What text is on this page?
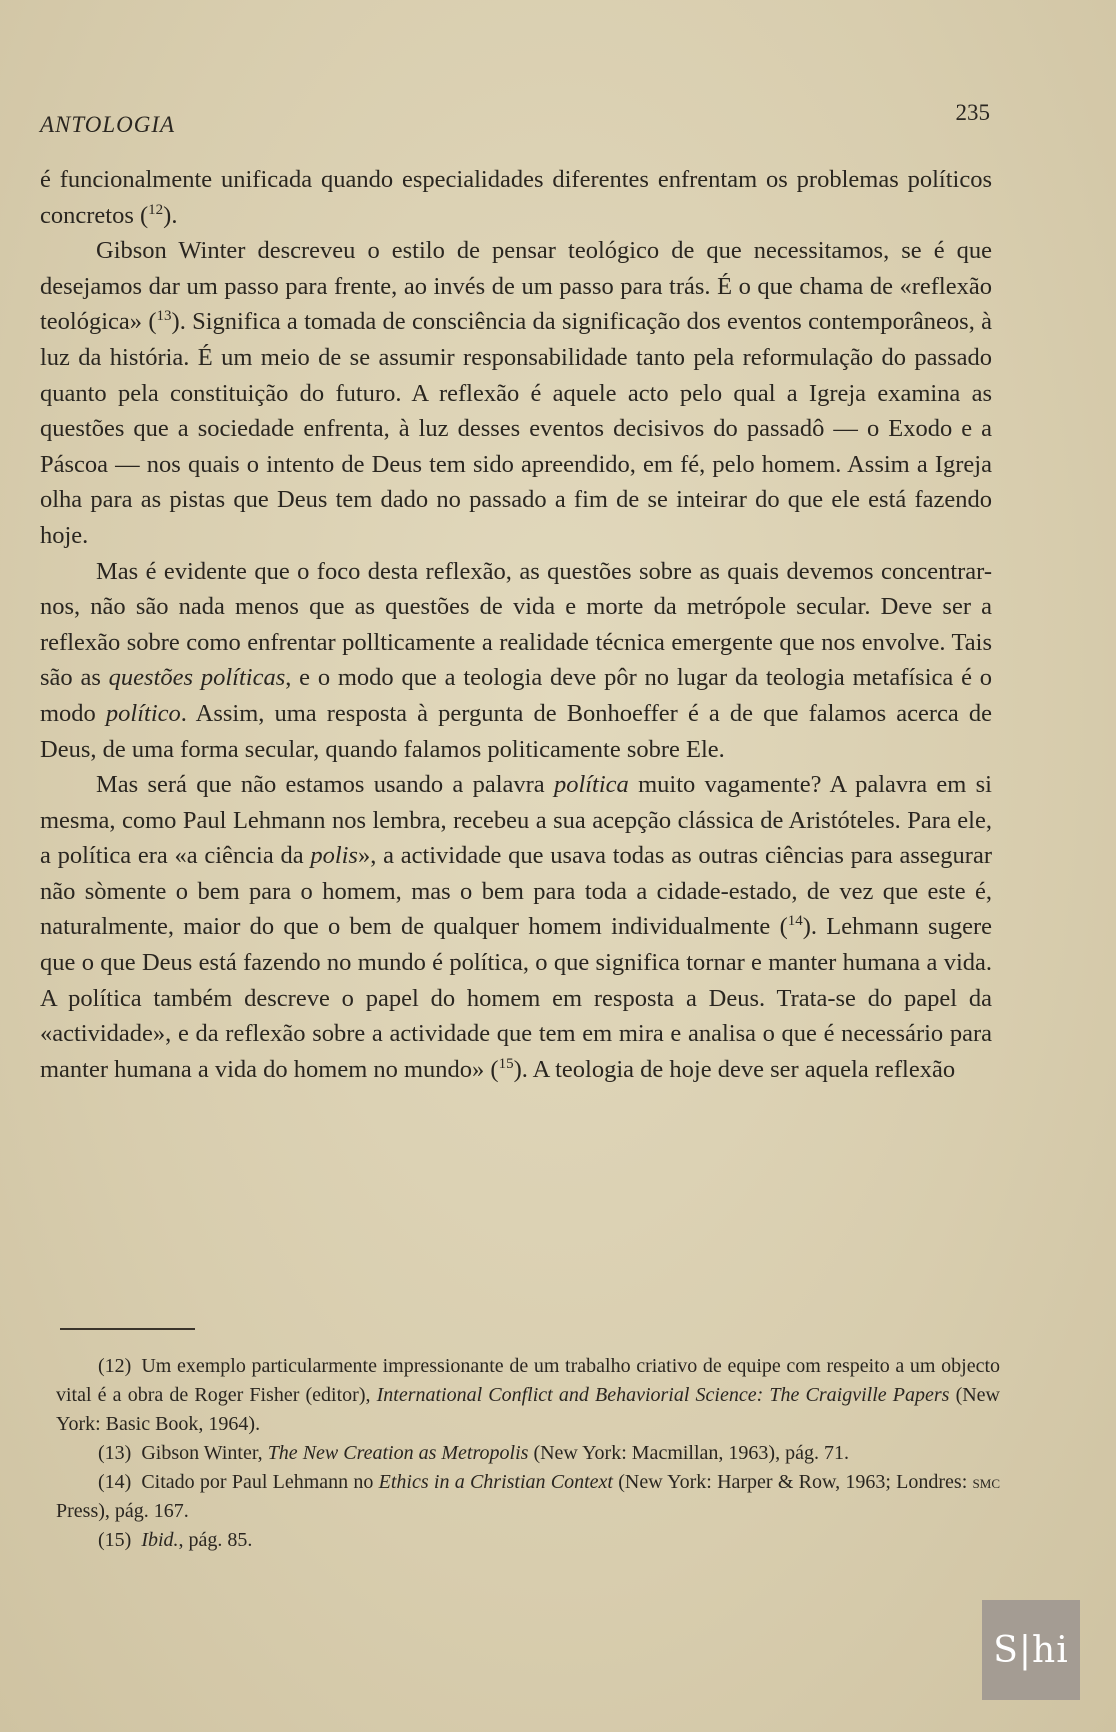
ANTOLOGIA	235

é funcionalmente unificada quando especialidades diferentes enfrentam os problemas políticos concretos ($^{12}$).

Gibson Winter descreveu o estilo de pensar teológico de que necessitamos, se é que desejamos dar um passo para frente, ao invés de um passo para trás. É o que chama de «reflexão teológica» ($^{13}$). Significa a tomada de consciência da significação dos eventos contemporâneos, à luz da história. É um meio de se assumir responsabilidade tanto pela reformulação do passado quanto pela constituição do futuro. A reflexão é aquele acto pelo qual a Igreja examina as questões que a sociedade enfrenta, à luz desses eventos decisivos do passadô — o Exodo e a Páscoa — nos quais o intento de Deus tem sido apreendido, em fé, pelo homem. Assim a Igreja olha para as pistas que Deus tem dado no passado a fim de se inteirar do que ele está fazendo hoje.

Mas é evidente que o foco desta reflexão, as questões sobre as quais devemos concentrar-nos, não são nada menos que as questões de vida e morte da metrópole secular. Deve ser a reflexão sobre como enfrentar pollticamente a realidade técnica emergente que nos envolve. Tais são as questões políticas, e o modo que a teologia deve pôr no lugar da teologia metafísica é o modo político. Assim, uma resposta à pergunta de Bonhoeffer é a de que falamos acerca de Deus, de uma forma secular, quando falamos politicamente sobre Ele.

Mas será que não estamos usando a palavra política muito vagamente? A palavra em si mesma, como Paul Lehmann nos lembra, recebeu a sua acepção clássica de Aristóteles. Para ele, a política era «a ciência da polis», a actividade que usava todas as outras ciências para assegurar não sòmente o bem para o homem, mas o bem para toda a cidade-estado, de vez que este é, naturalmente, maior do que o bem de qualquer homem individualmente ($^{14}$). Lehmann sugere que o que Deus está fazendo no mundo é política, o que significa tornar e manter humana a vida. A política também descreve o papel do homem em resposta a Deus. Trata-se do papel da «actividade», e da reflexão sobre a actividade que tem em mira e analisa o que é necessário para manter humana a vida do homem no mundo» ($^{15}$). A teologia de hoje deve ser aquela reflexão

(12) Um exemplo particularmente impressionante de um trabalho criativo de equipe com respeito a um objecto vital é a obra de Roger Fisher (editor), International Conflict and Behaviorial Science: The Craigville Papers (New York: Basic Book, 1964).

(13) Gibson Winter, The New Creation as Metropolis (New York: Macmillan, 1963), pág. 71.

(14) Citado por Paul Lehmann no Ethics in a Christian Context (New York: Harper & Row, 1963; Londres: smc Press), pág. 167.

(15) Ibid., pág. 85.

S|hi
